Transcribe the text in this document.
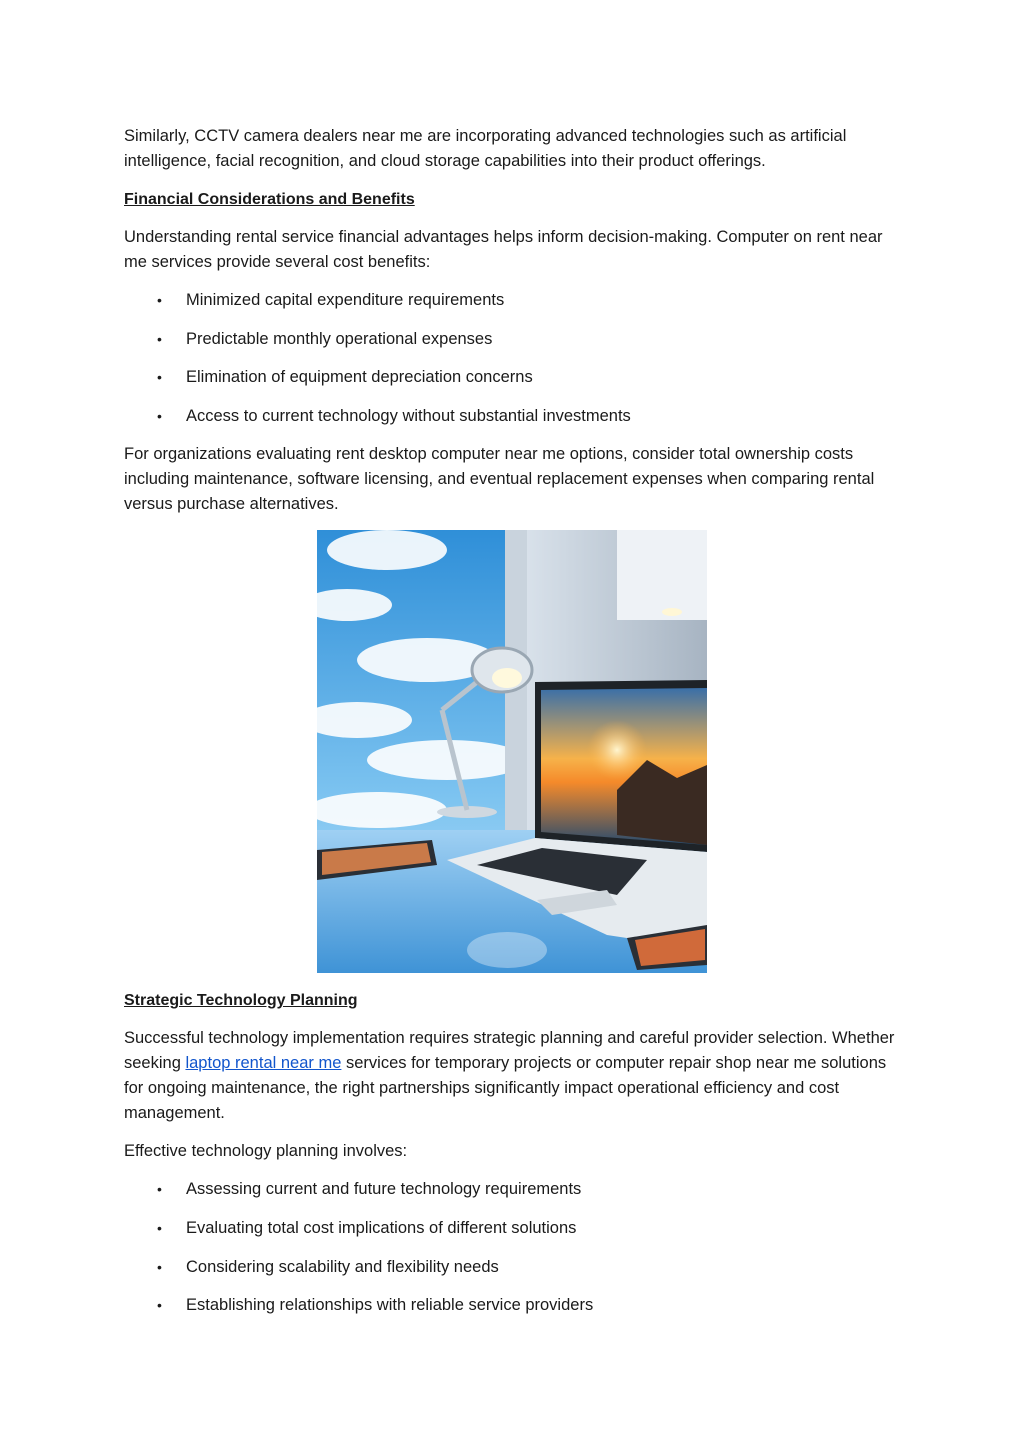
Similarly, CCTV camera dealers near me are incorporating advanced technologies such as artificial intelligence, facial recognition, and cloud storage capabilities into their product offerings.

Financial Considerations and Benefits

Understanding rental service financial advantages helps inform decision-making. Computer on rent near me services provide several cost benefits:

• Minimized capital expenditure requirements
• Predictable monthly operational expenses
• Elimination of equipment depreciation concerns
• Access to current technology without substantial investments

For organizations evaluating rent desktop computer near me options, consider total ownership costs including maintenance, software licensing, and eventual replacement expenses when comparing rental versus purchase alternatives.

Strategic Technology Planning

Successful technology implementation requires strategic planning and careful provider selection. Whether seeking laptop rental near me services for temporary projects or computer repair shop near me solutions for ongoing maintenance, the right partnerships significantly impact operational efficiency and cost management.

Effective technology planning involves:

• Assessing current and future technology requirements
• Evaluating total cost implications of different solutions
• Considering scalability and flexibility needs
• Establishing relationships with reliable service providers
